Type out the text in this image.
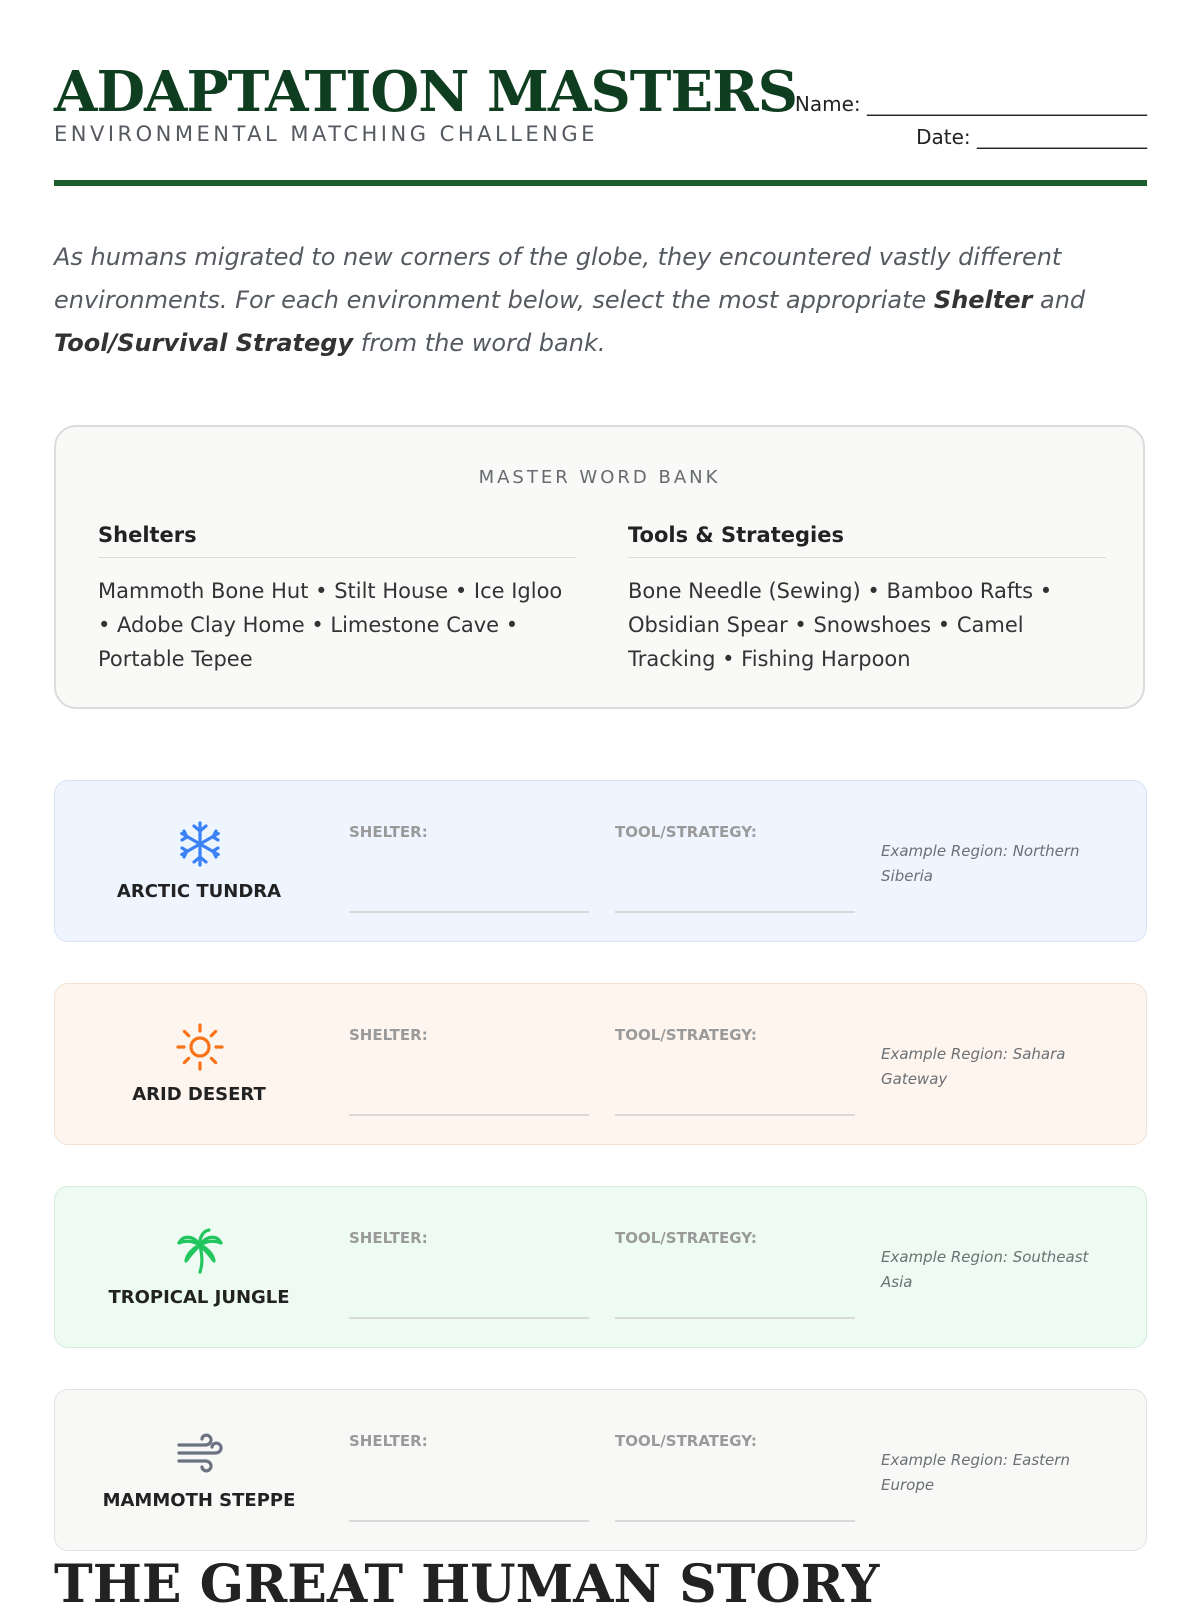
ADAPTATION MASTERS
ENVIRONMENTAL MATCHING CHALLENGE
Name: ____________________________
Date: _________________

As humans migrated to new corners of the globe, they encountered vastly different environments. For each environment below, select the most appropriate Shelter and Tool/Survival Strategy from the word bank.

MASTER WORD BANK
Shelters
Mammoth Bone Hut • Stilt House • Ice Igloo • Adobe Clay Home • Limestone Cave • Portable Tepee
Tools & Strategies
Bone Needle (Sewing) • Bamboo Rafts • Obsidian Spear • Snowshoes • Camel Tracking • Fishing Harpoon
ARCTIC TUNDRA
SHELTER:	TOOL/STRATEGY:
Example Region: Northern Siberia
ARID DESERT
SHELTER:	TOOL/STRATEGY:
Example Region: Sahara Gateway
TROPICAL JUNGLE
SHELTER:	TOOL/STRATEGY:
Example Region: Southeast Asia
MAMMOTH STEPPE
SHELTER:	TOOL/STRATEGY:
Example Region: Eastern Europe
THE GREAT HUMAN STORY
